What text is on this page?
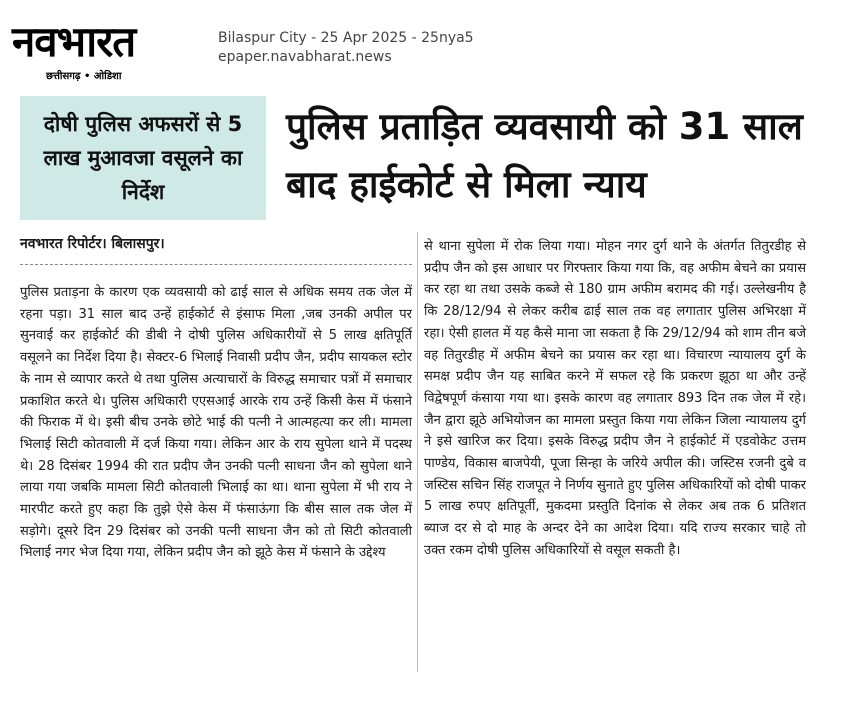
नवभारत
छत्तीसगढ़ • ओडिशा
Bilaspur City - 25 Apr 2025 - 25nya5
epaper.navabharat.news
दोषी पुलिस अफसरों से 5 लाख मुआवजा वसूलने का निर्देश
पुलिस प्रताड़ित व्यवसायी को 31 साल बाद हाईकोर्ट से मिला न्याय
नवभारत रिपोर्टर। बिलासपुर।
पुलिस प्रताड़ना के कारण एक व्यवसायी को ढाई साल से अधिक समय तक जेल में रहना पड़ा। 31 साल बाद उन्हें हाईकोर्ट से इंसाफ मिला ,जब उनकी अपील पर सुनवाई कर हाईकोर्ट की डीबी ने दोषी पुलिस अधिकारीयों से 5 लाख क्षतिपूर्ति वसूलने का निर्देश दिया है। सेक्टर-6 भिलाई निवासी प्रदीप जैन, प्रदीप सायकल स्टोर के नाम से व्यापार करते थे तथा पुलिस अत्याचारों के विरुद्ध समाचार पत्रों में समाचार प्रकाशित करते थे। पुलिस अधिकारी एएसआई आरके राय उन्हें किसी केस में फंसाने की फिराक में थे। इसी बीच उनके छोटे भाई की पत्नी ने आत्महत्या कर ली। मामला भिलाई सिटी कोतवाली में दर्ज किया गया। लेकिन आर के राय सुपेला थाने में पदस्थ थे। 28 दिसंबर 1994 की रात प्रदीप जैन उनकी पत्नी साधना जैन को सुपेला थाने लाया गया जबकि मामला सिटी कोतवाली भिलाई का था। थाना सुपेला में भी राय ने मारपीट करते हुए कहा कि तुझे ऐसे केस में फंसाऊंगा कि बीस साल तक जेल में सड़ोगे। दूसरे दिन 29 दिसंबर को उनकी पत्नी साधना जैन को तो सिटी कोतवाली भिलाई नगर भेज दिया गया, लेकिन प्रदीप जैन को झूठे केस में फंसाने के उद्देश्य
से थाना सुपेला में रोक लिया गया। मोहन नगर दुर्ग थाने के अंतर्गत तितुरडीह से प्रदीप जैन को इस आधार पर गिरफ्तार किया गया कि, वह अफीम बेचने का प्रयास कर रहा था तथा उसके कब्जे से 180 ग्राम अफीम बरामद की गई। उल्लेखनीय है कि 28/12/94 से लेकर करीब ढाई साल तक वह लगातार पुलिस अभिरक्षा में रहा। ऐसी हालत में यह कैसे माना जा सकता है कि 29/12/94 को शाम तीन बजे वह तितुरडीह में अफीम बेचने का प्रयास कर रहा था। विचारण न्यायालय दुर्ग के समक्ष प्रदीप जैन यह साबित करने में सफल रहे कि प्रकरण झूठा था और उन्हें विद्वेषपूर्ण कंसाया गया था। इसके कारण वह लगातार 893 दिन तक जेल में रहे। जैन द्वारा झूठे अभियोजन का मामला प्रस्तुत किया गया लेकिन जिला न्यायालय दुर्ग ने इसे खारिज कर दिया। इसके विरुद्ध प्रदीप जैन ने हाईकोर्ट में एडवोकेट उत्तम पाण्डेय, विकास बाजपेयी, पूजा सिन्हा के जरिये अपील की। जस्टिस रजनी दुबे व जस्टिस सचिन सिंह राजपूत ने निर्णय सुनाते हुए पुलिस अधिकारियों को दोषी पाकर 5 लाख रुपए क्षतिपूर्ती, मुकदमा प्रस्तुति दिनांक से लेकर अब तक 6 प्रतिशत ब्याज दर से दो माह के अन्दर देने का आदेश दिया। यदि राज्य सरकार चाहे तो उक्त रकम दोषी पुलिस अधिकारियों से वसूल सकती है।
